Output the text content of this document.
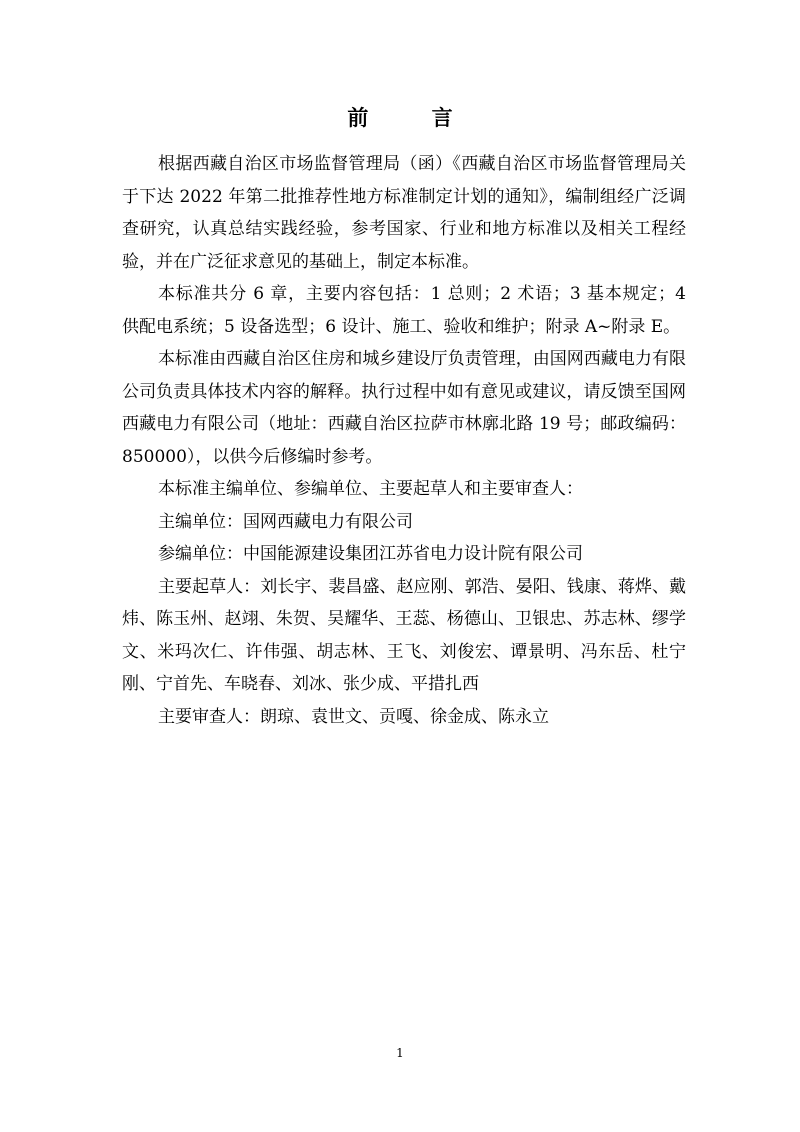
前 言

根据西藏自治区市场监督管理局（函）《西藏自治区市场监督管理局关于下达 2022 年第二批推荐性地方标准制定计划的通知》，编制组经广泛调查研究，认真总结实践经验，参考国家、行业和地方标准以及相关工程经验，并在广泛征求意见的基础上，制定本标准。

本标准共分 6 章，主要内容包括：1 总则；2 术语；3 基本规定；4 供配电系统；5 设备选型；6 设计、施工、验收和维护；附录 A~附录 E。

本标准由西藏自治区住房和城乡建设厅负责管理，由国网西藏电力有限公司负责具体技术内容的解释。执行过程中如有意见或建议，请反馈至国网西藏电力有限公司（地址：西藏自治区拉萨市林廓北路 19 号；邮政编码：850000），以供今后修编时参考。

本标准主编单位、参编单位、主要起草人和主要审查人：

主编单位：国网西藏电力有限公司

参编单位：中国能源建设集团江苏省电力设计院有限公司

主要起草人：刘长宇、裴昌盛、赵应刚、郭浩、晏阳、钱康、蒋烨、戴炜、陈玉州、赵翊、朱贺、吴耀华、王蕊、杨德山、卫银忠、苏志林、缪学文、米玛次仁、许伟强、胡志林、王飞、刘俊宏、谭景明、冯东岳、杜宁刚、宁首先、车晓春、刘冰、张少成、平措扎西

主要审查人：朗琼、袁世文、贡嘎、徐金成、陈永立

1
